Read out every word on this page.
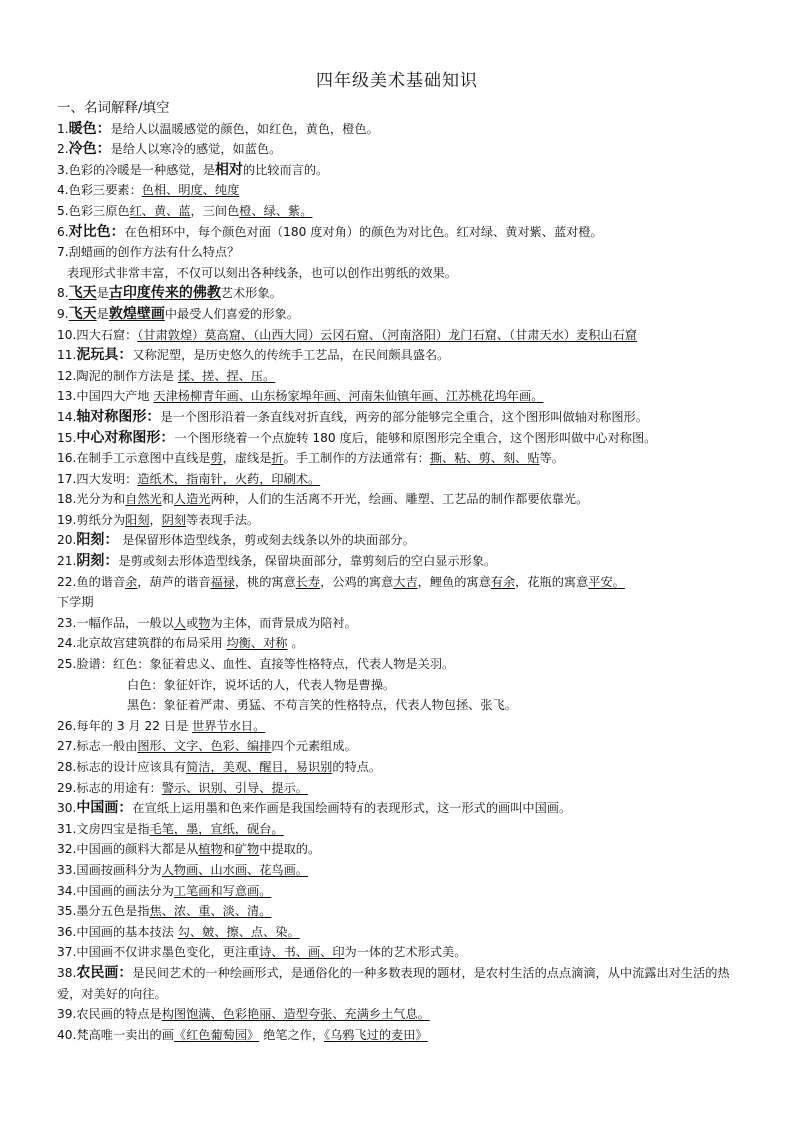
四年级美术基础知识
一、名词解释/填空
1.暖色：是给人以温暖感觉的颜色，如红色，黄色，橙色。
2.冷色：是给人以寒冷的感觉，如蓝色。
3.色彩的冷暖是一种感觉，是相对的比较而言的。
4.色彩三要素：色相、明度、纯度
5.色彩三原色红、黄、蓝，三间色橙、绿、紫。
6.对比色：在色相环中，每个颜色对面（180 度对角）的颜色为对比色。红对绿、黄对紫、蓝对橙。
7.刮蜡画的创作方法有什么特点？
表现形式非常丰富，不仅可以刻出各种线条，也可以创作出剪纸的效果。
8.飞天是古印度传来的佛教艺术形象。
9.飞天是敦煌壁画中最受人们喜爱的形象。
10.四大石窟：（甘肃敦煌）莫高窟、（山西大同）云冈石窟、（河南洛阳）龙门石窟、（甘肃天水）麦积山石窟
11.泥玩具：又称泥塑，是历史悠久的传统手工艺品，在民间颇具盛名。
12.陶泥的制作方法是 揉、搓、捏、压。
13.中国四大产地 天津杨柳青年画、山东杨家埠年画、河南朱仙镇年画、江苏桃花坞年画。
14.轴对称图形：是一个图形沿着一条直线对折直线，两旁的部分能够完全重合，这个图形叫做轴对称图形。
15.中心对称图形：一个图形绕着一个点旋转 180 度后，能够和原图形完全重合，这个图形叫做中心对称图。
16.在制手工示意图中直线是剪，虚线是折。手工制作的方法通常有：撕、粘、剪、刻、贴等。
17.四大发明：造纸术，指南针，火药，印刷术。
18.光分为和自然光和人造光两种，人们的生活离不开光，绘画、雕塑、工艺品的制作都要依靠光。
19.剪纸分为阳刻，阴刻等表现手法。
20.阳刻： 是保留形体造型线条，剪或刻去线条以外的块面部分。
21.阴刻：是剪或刻去形体造型线条，保留块面部分，靠剪刻后的空白显示形象。
22.鱼的谐音余，葫芦的谐音福禄，桃的寓意长寿，公鸡的寓意大吉，鲤鱼的寓意有余，花瓶的寓意平安。
下学期
23.一幅作品，一般以人或物为主体，而背景成为陪衬。
24.北京故宫建筑群的布局采用 均衡、对称 。
25.脸谱：红色：象征着忠义、血性、直接等性格特点，代表人物是关羽。
白色：象征奸诈，说坏话的人，代表人物是曹操。
黑色：象征着严肃、勇猛、不苟言笑的性格特点，代表人物包拯、张飞。
26.每年的 3 月 22 日是 世界节水日。
27.标志一般由图形、文字、色彩、编排四个元素组成。
28.标志的设计应该具有简洁，美观、醒目，易识别的特点。
29.标志的用途有：警示、识别、引导、提示。
30.中国画：在宣纸上运用墨和色来作画是我国绘画特有的表现形式，这一形式的画叫中国画。
31.文房四宝是指毛笔，墨，宣纸，砚台。
32.中国画的颜料大都是从植物和矿物中提取的。
33.国画按画科分为人物画、山水画、花鸟画。
34.中国画的画法分为工笔画和写意画。
35.墨分五色是指焦、浓、重、淡、清。
36.中国画的基本技法 勾、皴、擦、点、染。
37.中国画不仅讲求墨色变化，更注重诗、书、画、印为一体的艺术形式美。
38.农民画：是民间艺术的一种绘画形式，是通俗化的一种多数表现的题材，是农村生活的点点滴滴，从中流露出对生活的热爱，对美好的向往。
39.农民画的特点是构图饱满、色彩艳丽、造型夸张、充满乡土气息。
40.梵高唯一卖出的画《红色葡萄园》 绝笔之作，《乌鸦飞过的麦田》
